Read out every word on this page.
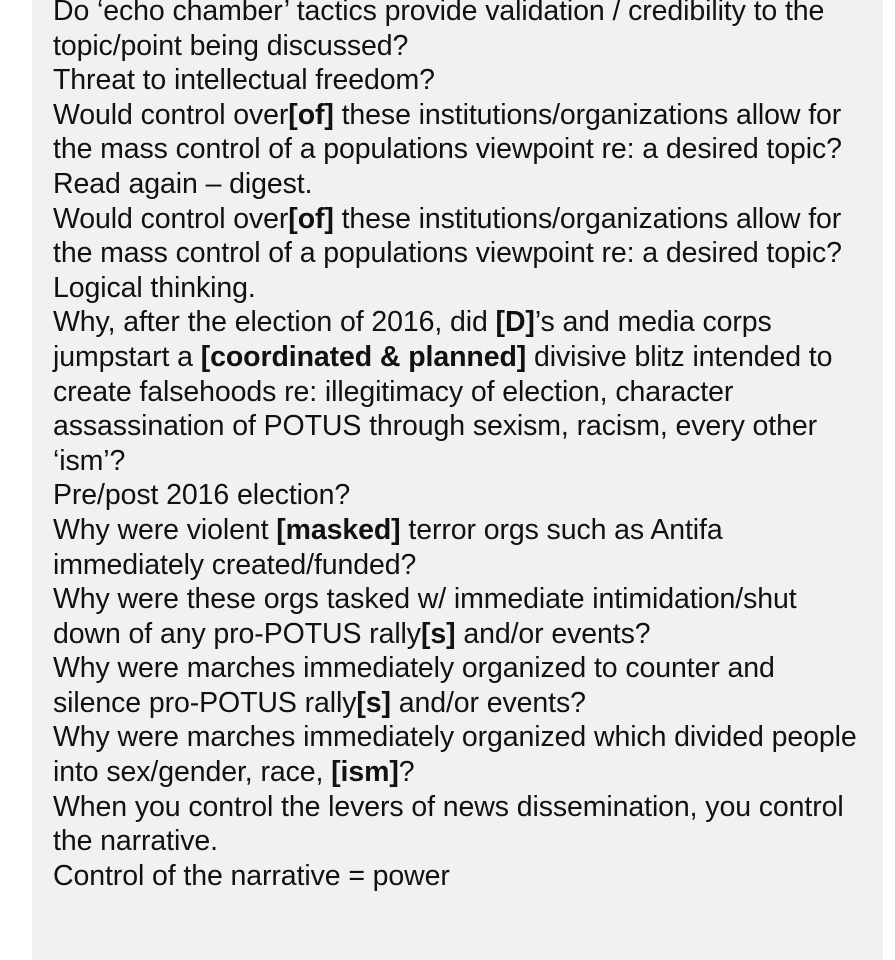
Do ‘echo chamber’ tactics provide validation / credibility to the topic/point being discussed?
Threat to intellectual freedom?
Would control over[of] these institutions/organizations allow for the mass control of a populations viewpoint re: a desired topic?
Read again – digest.
Would control over[of] these institutions/organizations allow for the mass control of a populations viewpoint re: a desired topic?
Logical thinking.
Why, after the election of 2016, did [D]’s and media corps jumpstart a [coordinated & planned] divisive blitz intended to create falsehoods re: illegitimacy of election, character assassination of POTUS through sexism, racism, every other ‘ism’?
Pre/post 2016 election?
Why were violent [masked] terror orgs such as Antifa immediately created/funded?
Why were these orgs tasked w/ immediate intimidation/shut down of any pro-POTUS rally[s] and/or events?
Why were marches immediately organized to counter and silence pro-POTUS rally[s] and/or events?
Why were marches immediately organized which divided people into sex/gender, race, [ism]?
When you control the levers of news dissemination, you control the narrative.
Control of the narrative = power
